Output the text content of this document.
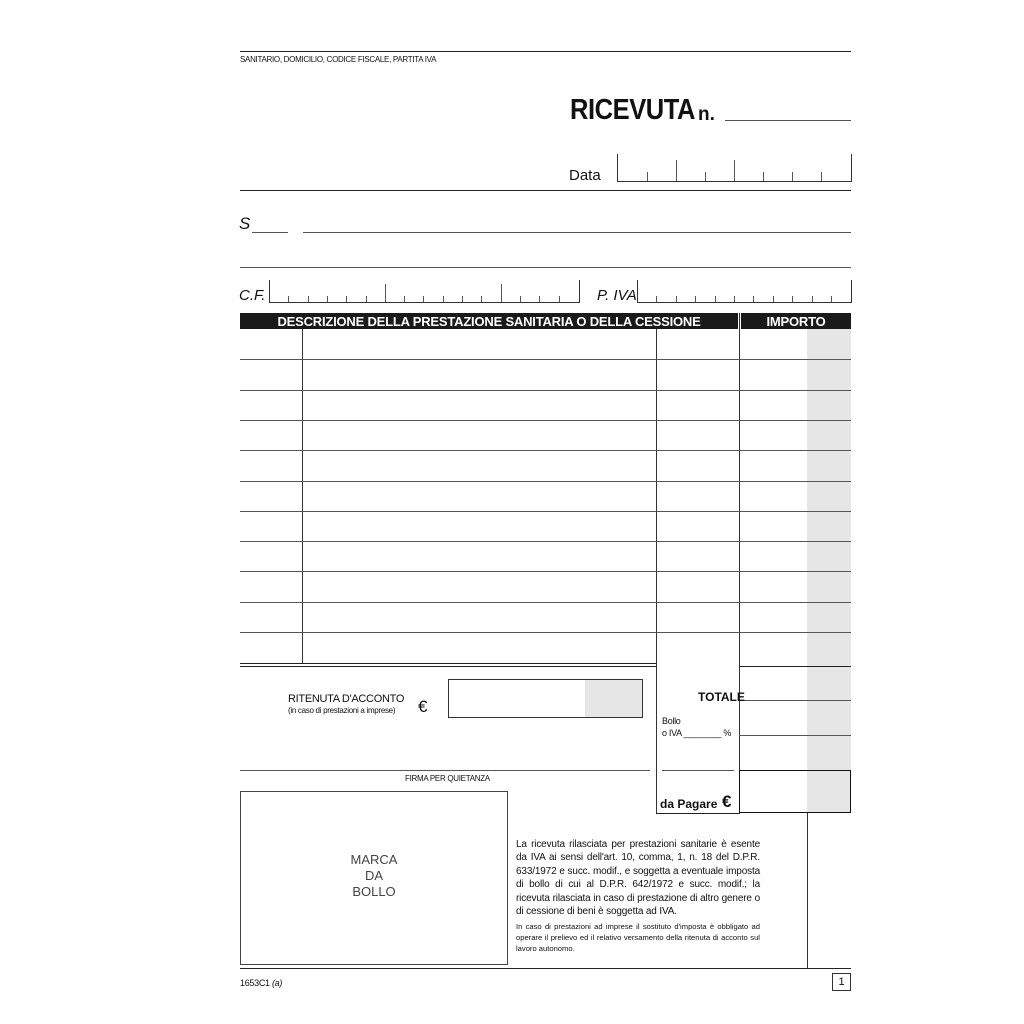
SANITARIO, DOMICILIO, CODICE FISCALE, PARTITA IVA
RICEVUTA n.
Data
S
C.F.	P. IVA
DESCRIZIONE DELLA PRESTAZIONE SANITARIA O DELLA CESSIONE	IMPORTO
RITENUTA D'ACCONTO
(in caso di prestazioni a imprese) €
FIRMA PER QUIETANZA
TOTALE
Bollo
o IVA ________ %
da Pagare €
MARCA
DA
BOLLO

La ricevuta rilasciata per prestazioni sanitarie è esente da IVA ai sensi dell'art. 10, comma, 1, n. 18 del D.P.R. 633/1972 e succ. modif., e soggetta a eventuale imposta di bollo di cui al D.P.R. 642/1972 e succ. modif.; la ricevuta rilasciata in caso di prestazione di altro genere o di cessione di beni è soggetta ad IVA.

In caso di prestazioni ad imprese il sostituto d'imposta è obbligato ad operare il prelievo ed il relativo versamento della ritenuta di acconto sul lavoro autonomo.

1653C1 (a)	1
